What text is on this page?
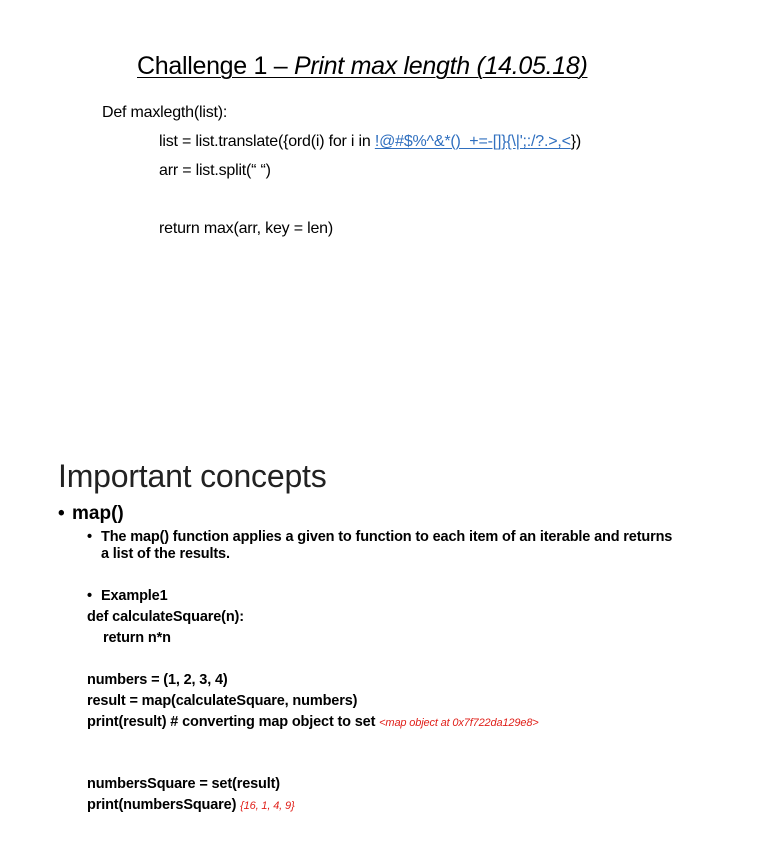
Challenge 1 – Print max length (14.05.18)
Def maxlegth(list):
list = list.translate({ord(i) for i in !@#$%^&*()_+=-[]}{\|';:/?.>,<})
arr = list.split(“ “)
return max(arr, key = len)
Important concepts
• map()
• The map() function applies a given to function to each item of an iterable and returns
a list of the results.
• Example1
def calculateSquare(n):
return n*n
numbers = (1, 2, 3, 4)
result = map(calculateSquare, numbers)
print(result) # converting map object to set <map object at 0x7f722da129e8>
numbersSquare = set(result)
print(numbersSquare) {16, 1, 4, 9}
